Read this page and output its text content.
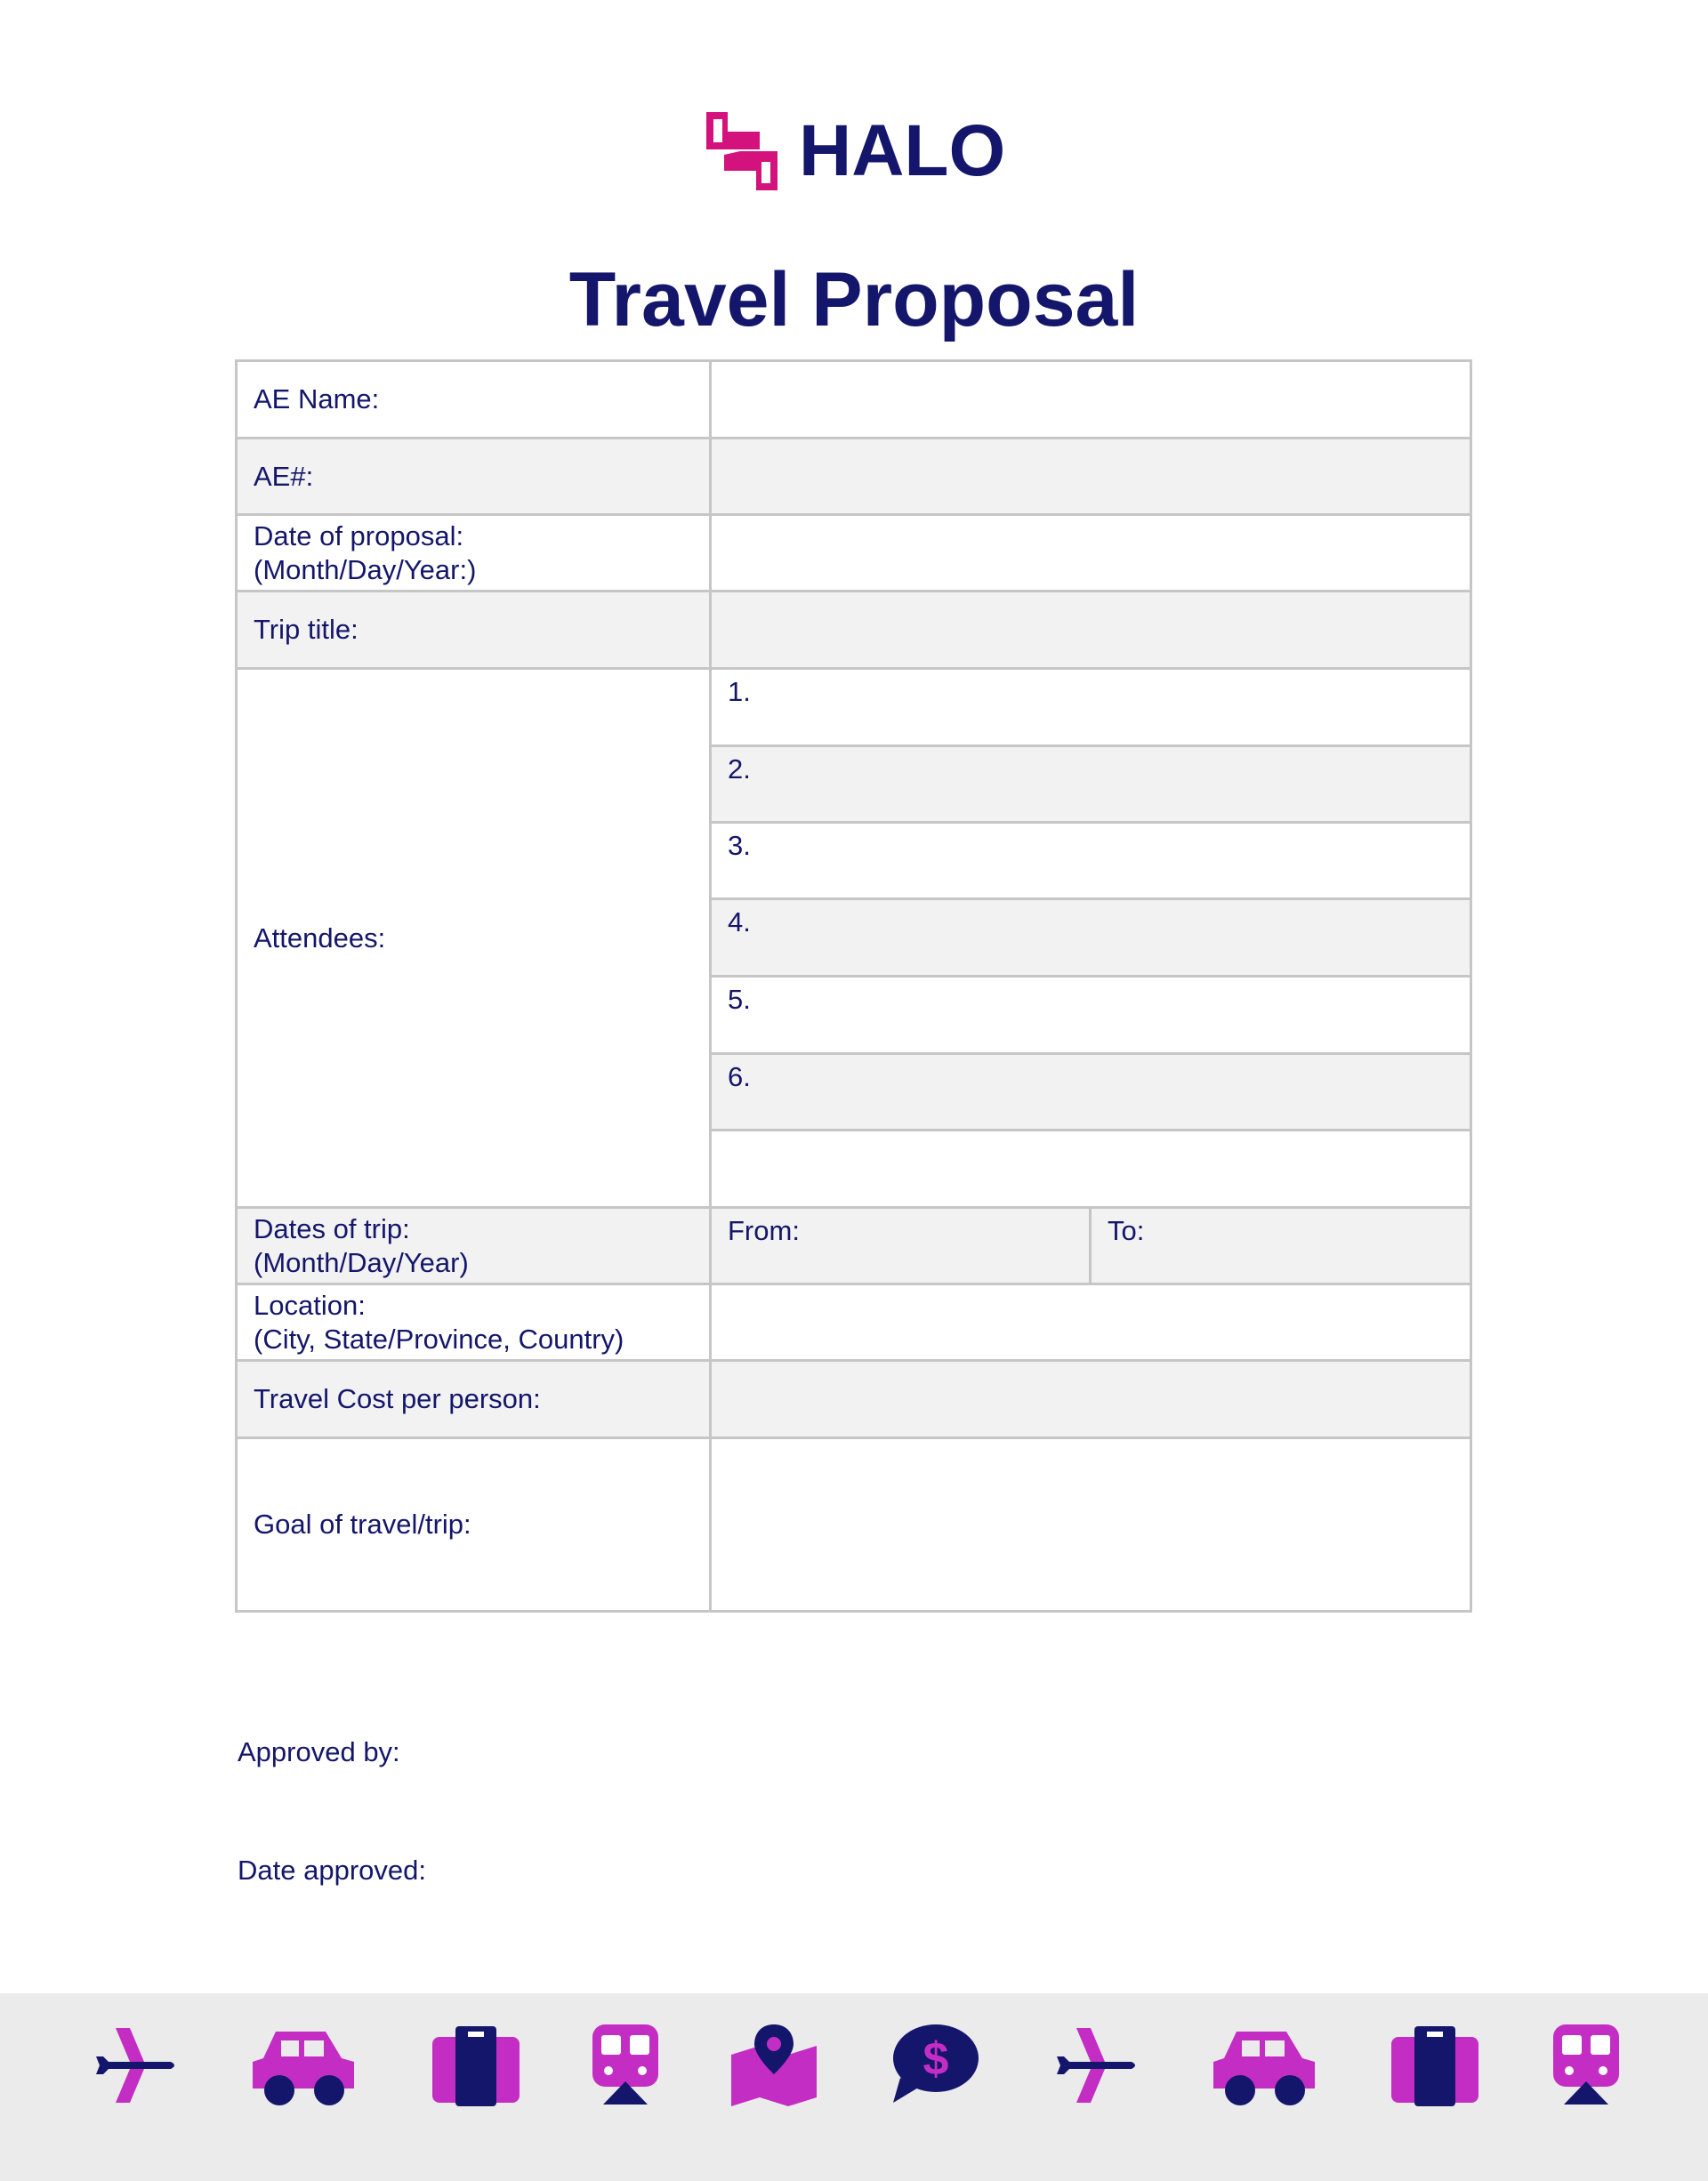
HALO
Travel Proposal
AE Name:		
AE#:		

Date of proposal:
(Month/Day/Year:)		

Trip title:		
Attendees:	1.	
	2.	
	3.	
	4.	
	5.	
	6.	

Dates of trip:
(Month/Day/Year)	From:	To:

Location:
(City, State/Province, Country)		

Travel Cost per person:		
Goal of travel/trip:		
Approved by:
Date approved:
$
